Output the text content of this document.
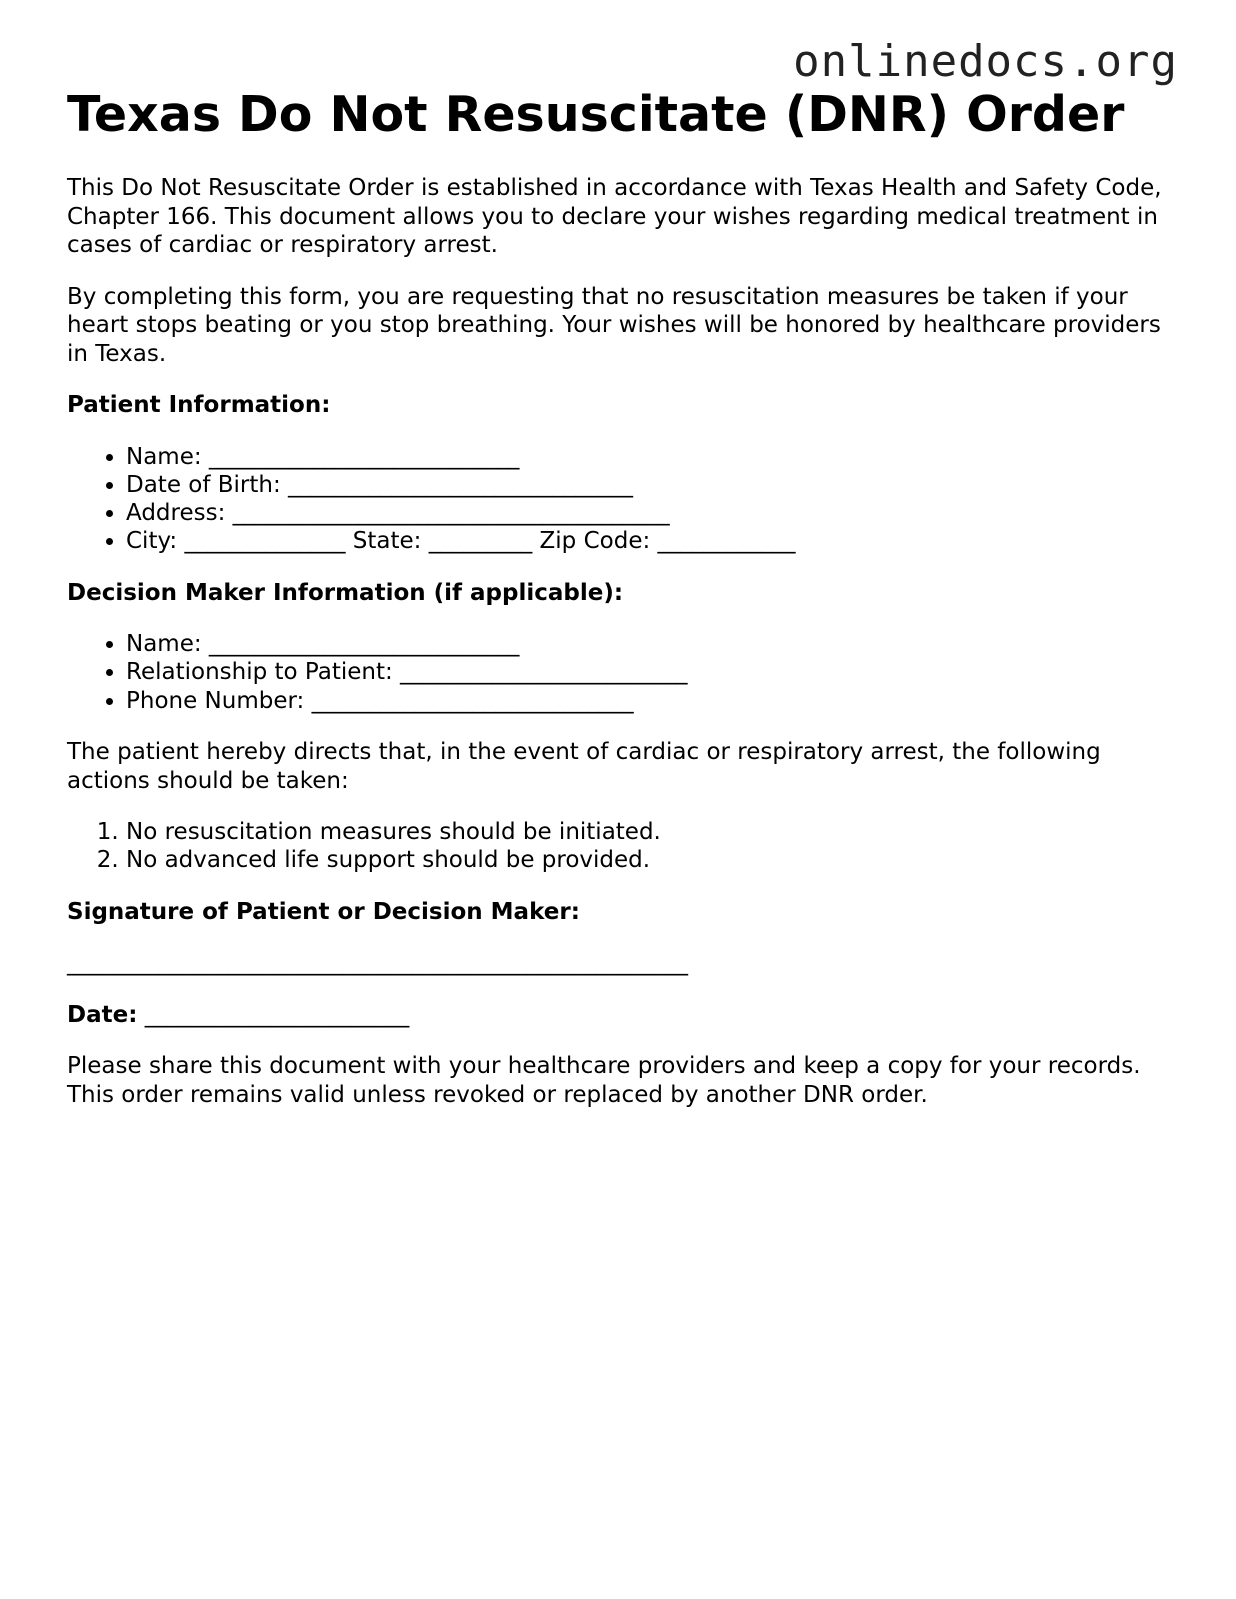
onlinedocs.org
Texas Do Not Resuscitate (DNR) Order

This Do Not Resuscitate Order is established in accordance with Texas Health and Safety Code, Chapter 166. This document allows you to declare your wishes regarding medical treatment in cases of cardiac or respiratory arrest.

By completing this form, you are requesting that no resuscitation measures be taken if your heart stops beating or you stop breathing. Your wishes will be honored by healthcare providers in Texas.

Patient Information:

• Name: ___________________________
• Date of Birth: ______________________________
• Address: ______________________________________
• City: ______________ State: _________ Zip Code: ____________

Decision Maker Information (if applicable):

• Name: ___________________________
• Relationship to Patient: _________________________
• Phone Number: ____________________________

The patient hereby directs that, in the event of cardiac or respiratory arrest, the following actions should be taken:

1. No resuscitation measures should be initiated.
2. No advanced life support should be provided.

Signature of Patient or Decision Maker:

______________________________________________________

Date: _______________________

Please share this document with your healthcare providers and keep a copy for your records. This order remains valid unless revoked or replaced by another DNR order.
